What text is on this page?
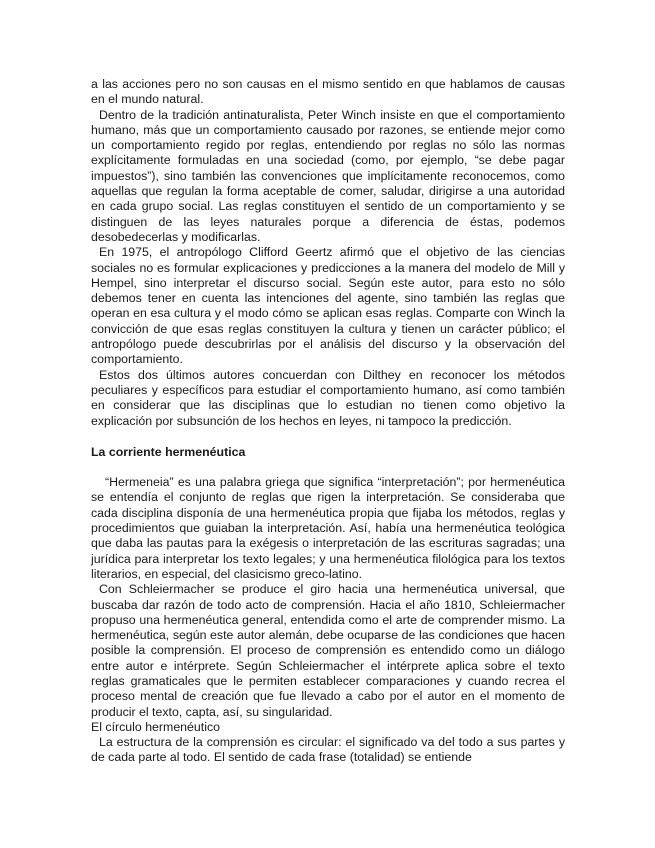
a las acciones pero no son causas en el mismo sentido en que hablamos de causas en el mundo natural.

Dentro de la tradición antinaturalista, Peter Winch insiste en que el comportamiento humano, más que un comportamiento causado por razones, se entiende mejor como un comportamiento regido por reglas, entendiendo por reglas no sólo las normas explícitamente formuladas en una sociedad (como, por ejemplo, “se debe pagar impuestos”), sino también las convenciones que implícitamente reconocemos, como aquellas que regulan la forma aceptable de comer, saludar, dirigirse a una autoridad en cada grupo social. Las reglas constituyen el sentido de un comportamiento y se distinguen de las leyes naturales porque a diferencia de éstas, podemos desobedecerlas y modificarlas.

En 1975, el antropólogo Clifford Geertz afirmó que el objetivo de las ciencias sociales no es formular explicaciones y predicciones a la manera del modelo de Mill y Hempel, sino interpretar el discurso social. Según este autor, para esto no sólo debemos tener en cuenta las intenciones del agente, sino también las reglas que operan en esa cultura y el modo cómo se aplican esas reglas. Comparte con Winch la convicción de que esas reglas constituyen la cultura y tienen un carácter público; el antropólogo puede descubrirlas por el análisis del discurso y la observación del comportamiento.

Estos dos últimos autores concuerdan con Dilthey en reconocer los métodos peculiares y específicos para estudiar el comportamiento humano, así como también en considerar que las disciplinas que lo estudian no tienen como objetivo la explicación por subsunción de los hechos en leyes, ni tampoco la predicción.

La corriente hermenéutica

“Hermeneia” es una palabra griega que significa “interpretación”; por hermenéutica se entendía el conjunto de reglas que rigen la interpretación. Se consideraba que cada disciplina disponía de una hermenéutica propia que fijaba los métodos, reglas y procedimientos que guiaban la interpretación. Así, había una hermenéutica teológica que daba las pautas para la exégesis o interpretación de las escrituras sagradas; una jurídica para interpretar los texto legales; y una hermenéutica filológica para los textos literarios, en especial, del clasicismo greco-latino.

Con Schleiermacher se produce el giro hacia una hermenéutica universal, que buscaba dar razón de todo acto de comprensión. Hacia el año 1810, Schleiermacher propuso una hermenéutica general, entendida como el arte de comprender mismo. La hermenéutica, según este autor alemán, debe ocuparse de las condiciones que hacen posible la comprensión. El proceso de comprensión es entendido como un diálogo entre autor e intérprete. Según Schleiermacher el intérprete aplica sobre el texto reglas gramaticales que le permiten establecer comparaciones y cuando recrea el proceso mental de creación que fue llevado a cabo por el autor en el momento de producir el texto, capta, así, su singularidad.

El círculo hermenéutico

La estructura de la comprensión es circular: el significado va del todo a sus partes y de cada parte al todo. El sentido de cada frase (totalidad) se entiende
